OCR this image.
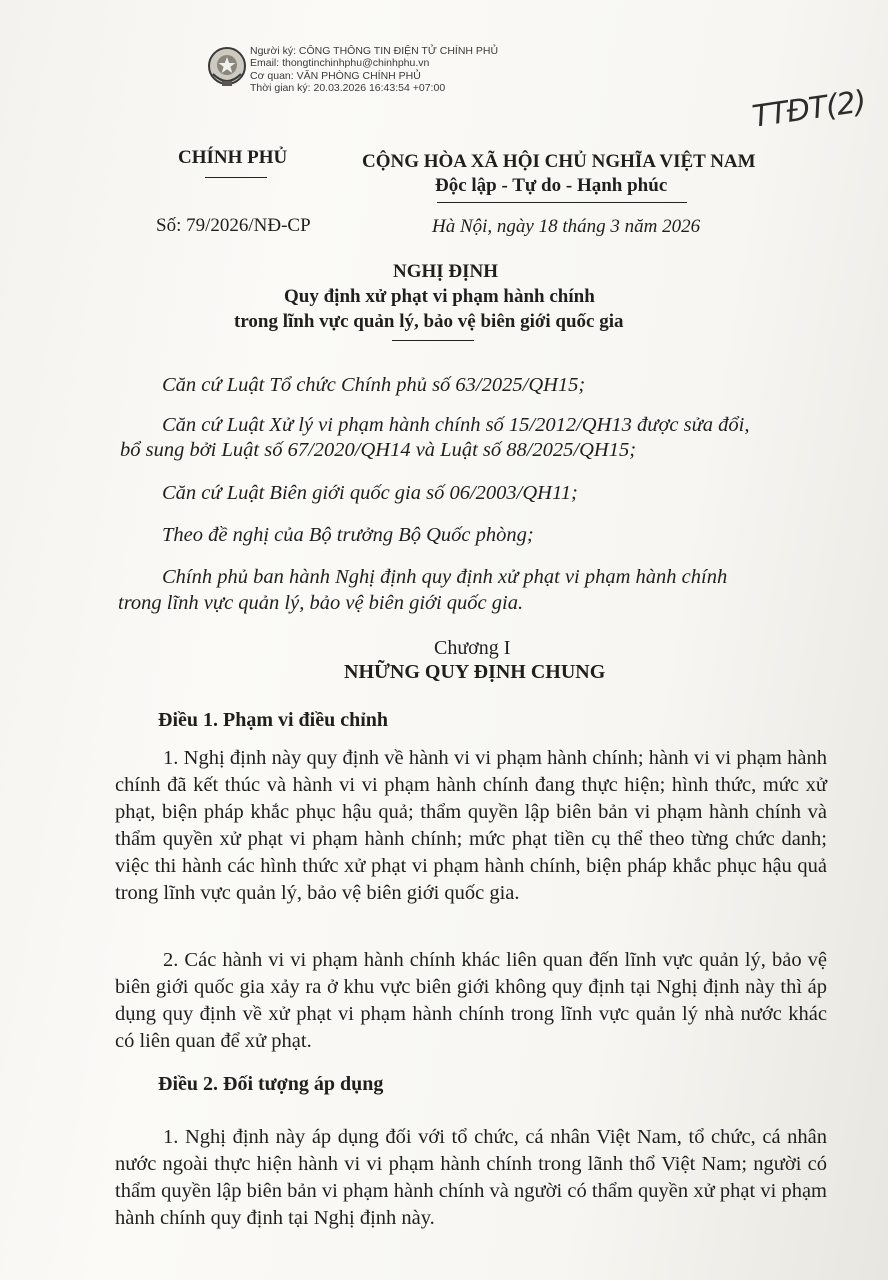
Người ký: CÔNG THÔNG TIN ĐIỆN TỬ CHÍNH PHỦ
Email: thongtinchinhphu@chinhphu.vn
Cơ quan: VĂN PHÒNG CHÍNH PHỦ
Thời gian ký: 20.03.2026 16:43:54 +07:00	TTĐT(2)

CHÍNH PHỦ	CỘNG HÒA XÃ HỘI CHỦ NGHĨA VIỆT NAM

Độc lập - Tự do - Hạnh phúc

Số: 79/2026/NĐ-CP	Hà Nội, ngày 18 tháng 3 năm 2026

NGHỊ ĐỊNH

Quy định xử phạt vi phạm hành chính

trong lĩnh vực quản lý, bảo vệ biên giới quốc gia

Căn cứ Luật Tổ chức Chính phủ số 63/2025/QH15;

Căn cứ Luật Xử lý vi phạm hành chính số 15/2012/QH13 được sửa đổi,

bổ sung bởi Luật số 67/2020/QH14 và Luật số 88/2025/QH15;

Căn cứ Luật Biên giới quốc gia số 06/2003/QH11;

Theo đề nghị của Bộ trưởng Bộ Quốc phòng;

Chính phủ ban hành Nghị định quy định xử phạt vi phạm hành chính

trong lĩnh vực quản lý, bảo vệ biên giới quốc gia.

Chương I

NHỮNG QUY ĐỊNH CHUNG

Điều 1. Phạm vi điều chỉnh

1. Nghị định này quy định về hành vi vi phạm hành chính; hành vi vi phạm hành chính đã kết thúc và hành vi vi phạm hành chính đang thực hiện; hình thức, mức xử phạt, biện pháp khắc phục hậu quả; thẩm quyền lập biên bản vi phạm hành chính và thẩm quyền xử phạt vi phạm hành chính; mức phạt tiền cụ thể theo từng chức danh; việc thi hành các hình thức xử phạt vi phạm hành chính, biện pháp khắc phục hậu quả trong lĩnh vực quản lý, bảo vệ biên giới quốc gia.

2. Các hành vi vi phạm hành chính khác liên quan đến lĩnh vực quản lý, bảo vệ biên giới quốc gia xảy ra ở khu vực biên giới không quy định tại Nghị định này thì áp dụng quy định về xử phạt vi phạm hành chính trong lĩnh vực quản lý nhà nước khác có liên quan để xử phạt.

Điều 2. Đối tượng áp dụng

1. Nghị định này áp dụng đối với tổ chức, cá nhân Việt Nam, tổ chức, cá nhân nước ngoài thực hiện hành vi vi phạm hành chính trong lãnh thổ Việt Nam; người có thẩm quyền lập biên bản vi phạm hành chính và người có thẩm quyền xử phạt vi phạm hành chính quy định tại Nghị định này.
